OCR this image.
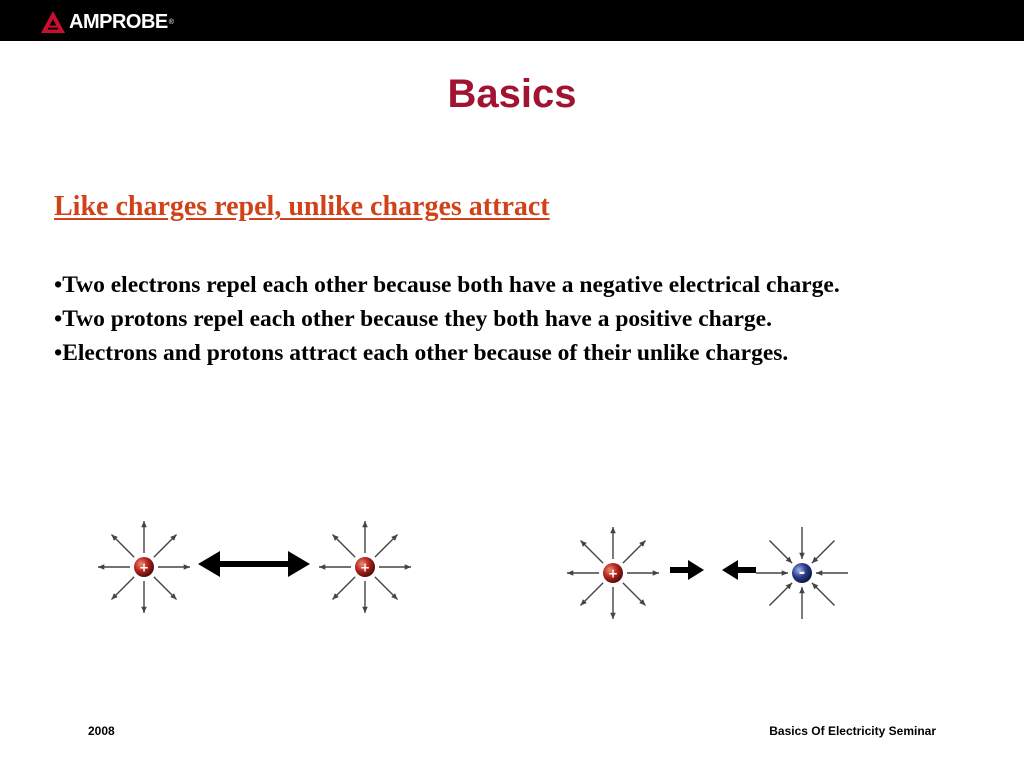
AMPROBE ®
Basics
Like charges repel, unlike charges attract
•Two electrons repel each other because both have a negative electrical charge.
•Two protons repel each other because they both have a positive charge.
•Electrons and protons attract each other because of their unlike charges.
+	+	+	-
2008	Basics Of Electricity Seminar
